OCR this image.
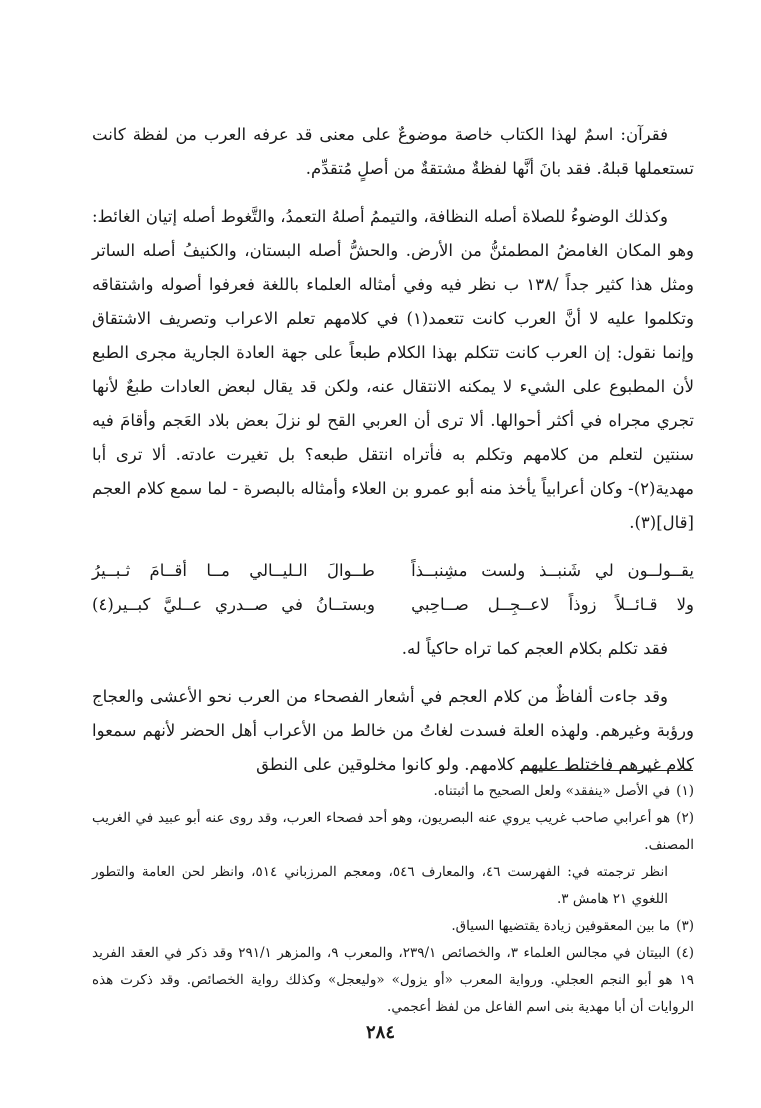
فقرآن: اسمٌ لهذا الكتاب خاصة موضوعٌ على معنى قد عرفه العرب من لفظة كانت تستعملها قبلهُ. فقد بانَ أنَّها لفظةٌ مشتقةٌ من أصلٍ مُتقدِّم.

وكذلك الوضوءُ للصلاة أصله النظافة، والتيممُ أصلهُ التعمدُ، والتَّغوط أصله إتيان الغائط: وهو المكان الغامضُ المطمئنُّ من الأرض. والحشُّ أصله البستان، والكنيفُ أصله الساتر ومثل هذا كثير جداً /١٣٨ ب نظر فيه وفي أمثاله العلماء باللغة فعرفوا أصوله واشتقاقه وتكلموا عليه لا أنَّ العرب كانت تتعمد(١) في كلامهم تعلم الاعراب وتصريف الاشتقاق وإنما نقول: إن العرب كانت تتكلم بهذا الكلام طبعاً على جهة العادة الجارية مجرى الطبع لأن المطبوع على الشيء لا يمكنه الانتقال عنه، ولكن قد يقال لبعض العادات طبعٌ لأنها تجري مجراه في أكثر أحوالها. ألا ترى أن العربي القح لو نزلَ بعض بلاد العَجم وأقامَ فيه سنتين لتعلم من كلامهم وتكلم به فأتراه انتقل طبعه؟ بل تغيرت عادته. ألا ترى أبا مهدية(٢)- وكان أعرابياً يأخذ منه أبو عمرو بن العلاء وأمثاله بالبصرة - لما سمع كلام العجم [قال](٣).

يقــولــون لي شَنبــذ ولست مشِنبــذاً
طــوالَ الـليــالي مــا أقــامَ ثـبــيرُ
ولا قـائــلاً زوذاً لاعــجِــل صــاحِبي
وبستــانُ في صــدري عــليَّ كبــير(٤)

فقد تكلم بكلام العجم كما تراه حاكياً له.

وقد جاءت ألفاظٌ من كلام العجم في أشعار الفصحاء من العرب نحو الأعشى والعجاج ورؤبة وغيرهم. ولهذه العلة فسدت لغاتُ من خالط من الأعراب أهل الحضر لأنهم سمعوا كلام غيرهم فاختلط عليهم كلامهم. ولو كانوا مخلوقين على النطق

(١)في الأصل «ينفقد» ولعل الصحيح ما أثبتناه.
(٢)هو أعرابي صاحب غريب يروي عنه البصريون، وهو أحد فصحاء العرب، وقد روى عنه أبو عبيد في الغريب المصنف.
انظر ترجمته في: الفهرست ٤٦، والمعارف ٥٤٦، ومعجم المرزباني ٥١٤، وانظر لحن العامة والتطور اللغوي ٢١ هامش ٣.
(٣)ما بين المعقوفين زيادة يقتضيها السياق.
(٤)البيتان في مجالس العلماء ٣، والخصائص ٢٣٩/١، والمعرب ٩، والمزهر ٢٩١/١ وقد ذكر في العقد الفريد ١٩ هو أبو النجم العجلي. ورواية المعرب «أو يزول» «وليعجل» وكذلك رواية الخصائص. وقد ذكرت هذه الروايات أن أبا مهدية بنى اسم الفاعل من لفظ أعجمي.
٢٨٤
